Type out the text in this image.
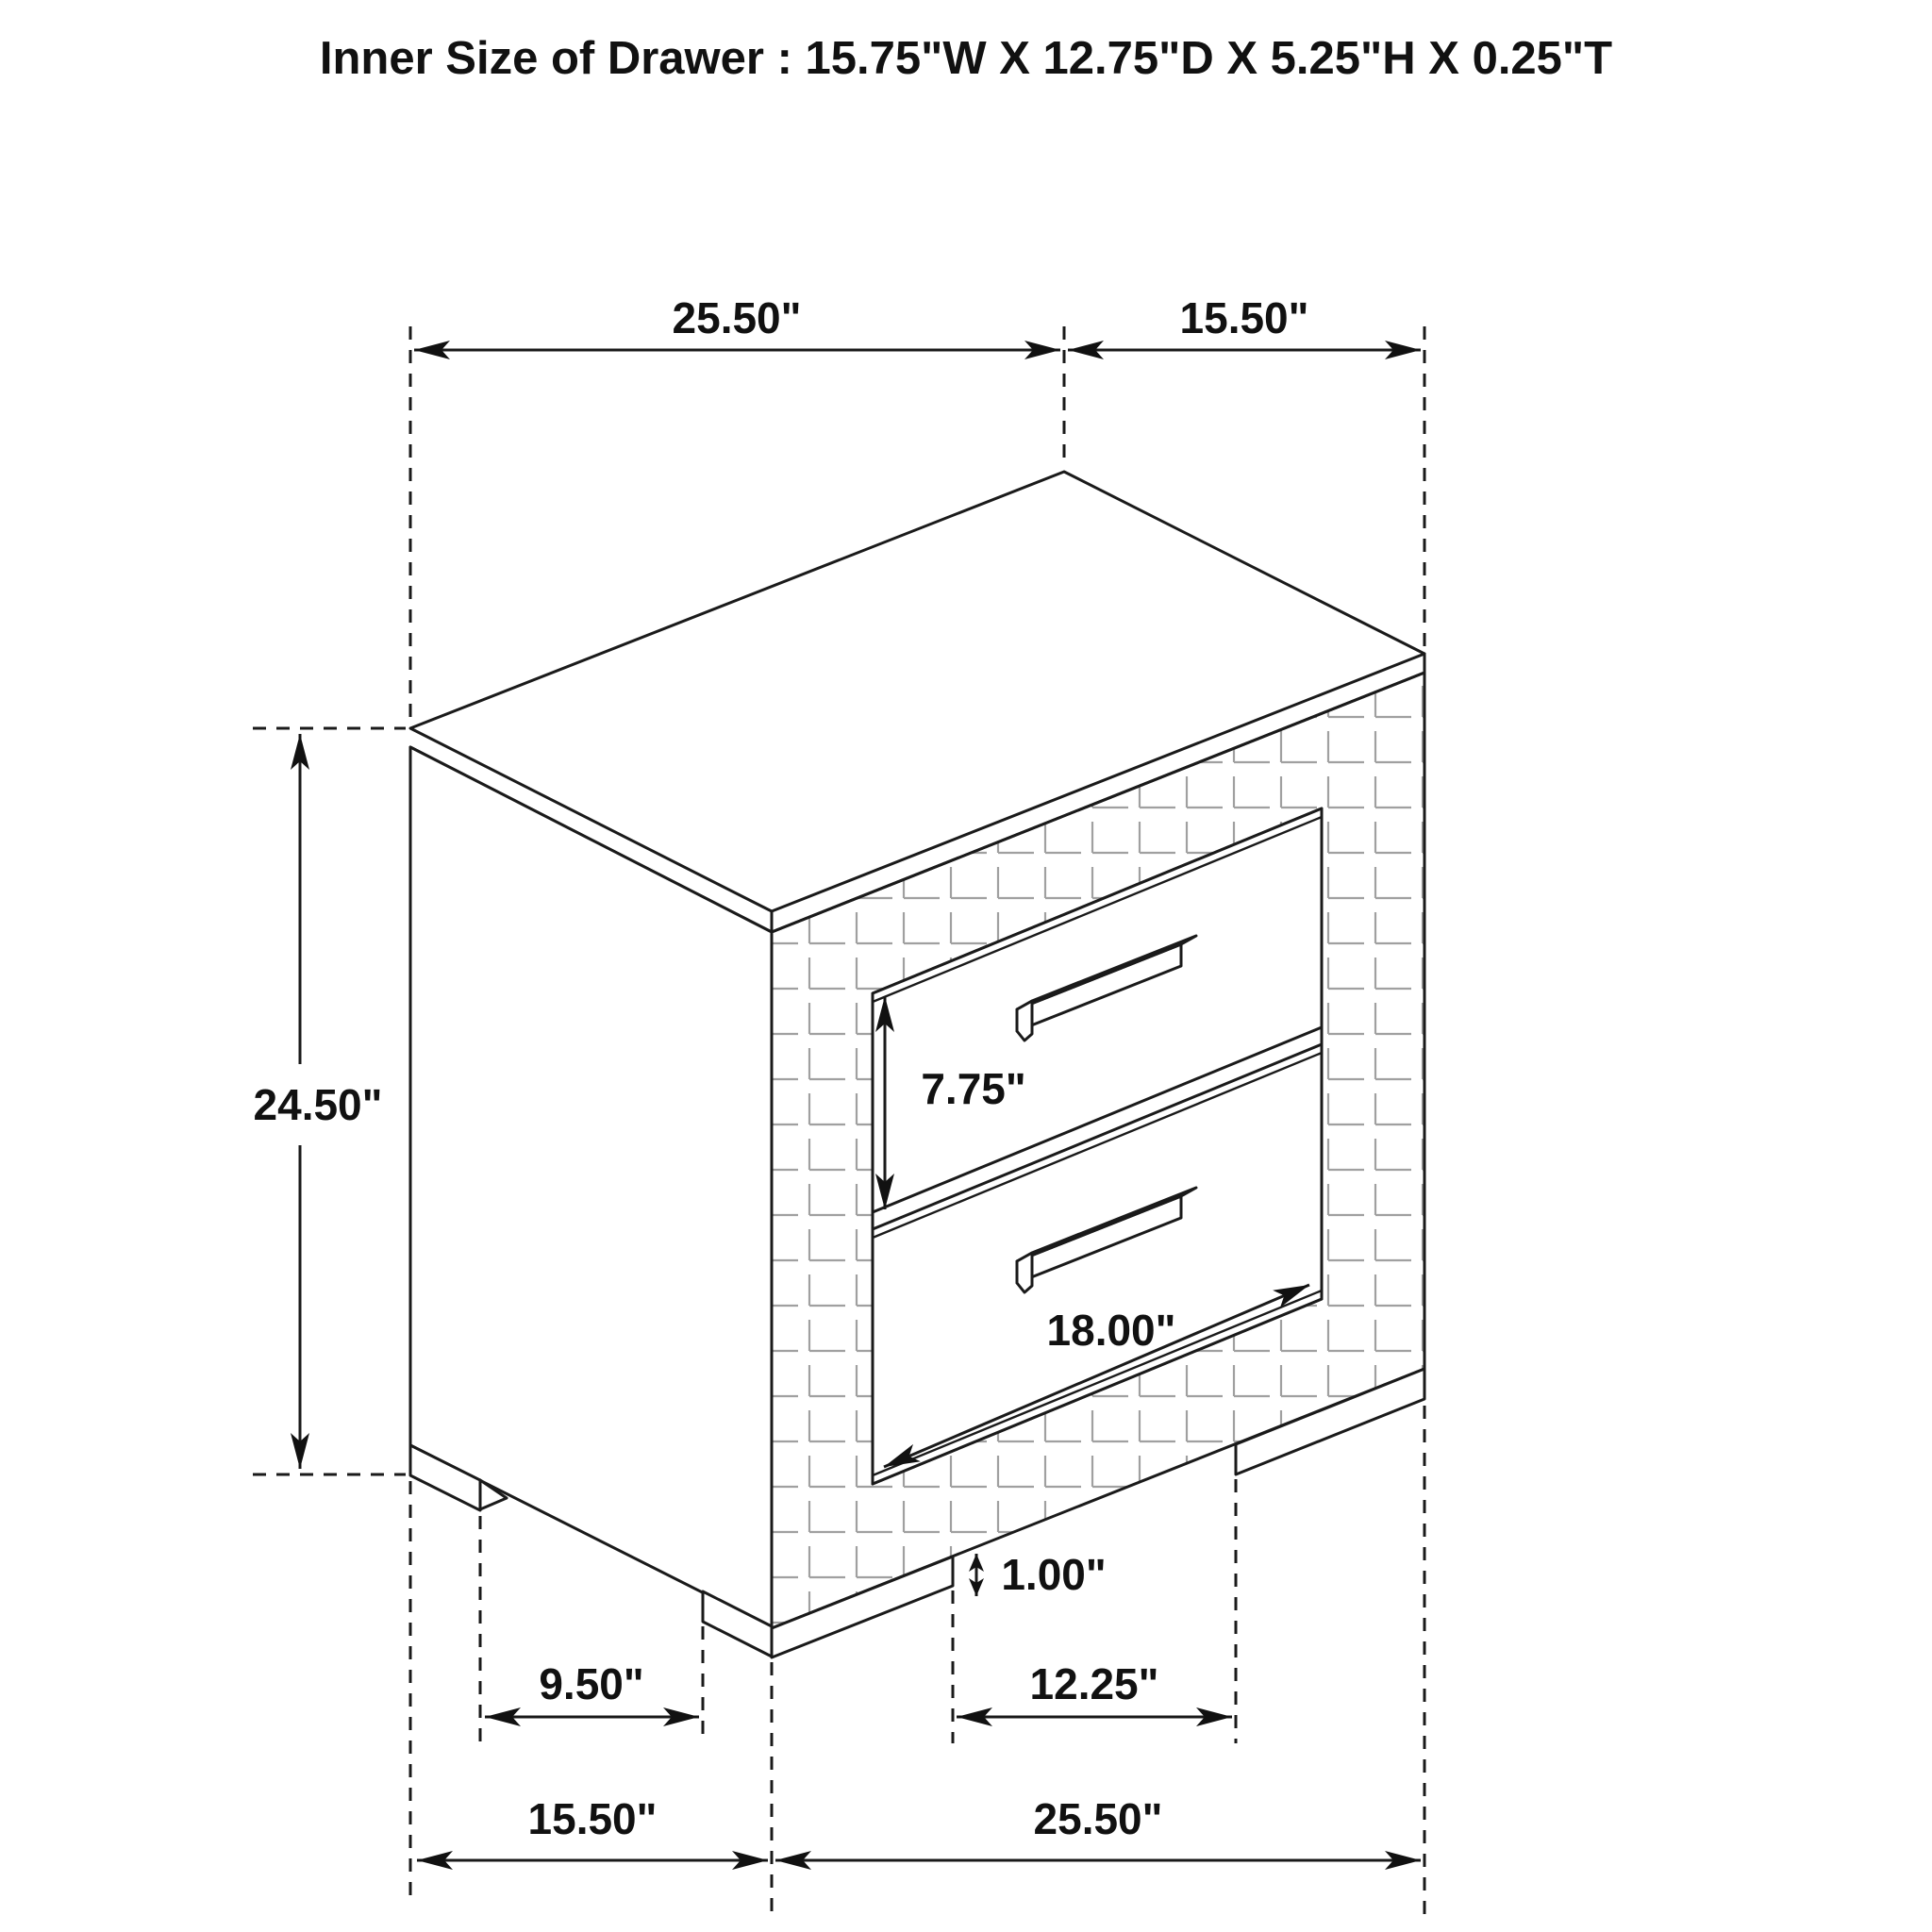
25.50"	15.50"
24.50"	7.75"
18.00"
1.00"
9.50"	12.25"
15.50"	25.50"
Inner Size of Drawer : 15.75"W X 12.75"D X 5.25"H X 0.25"T
